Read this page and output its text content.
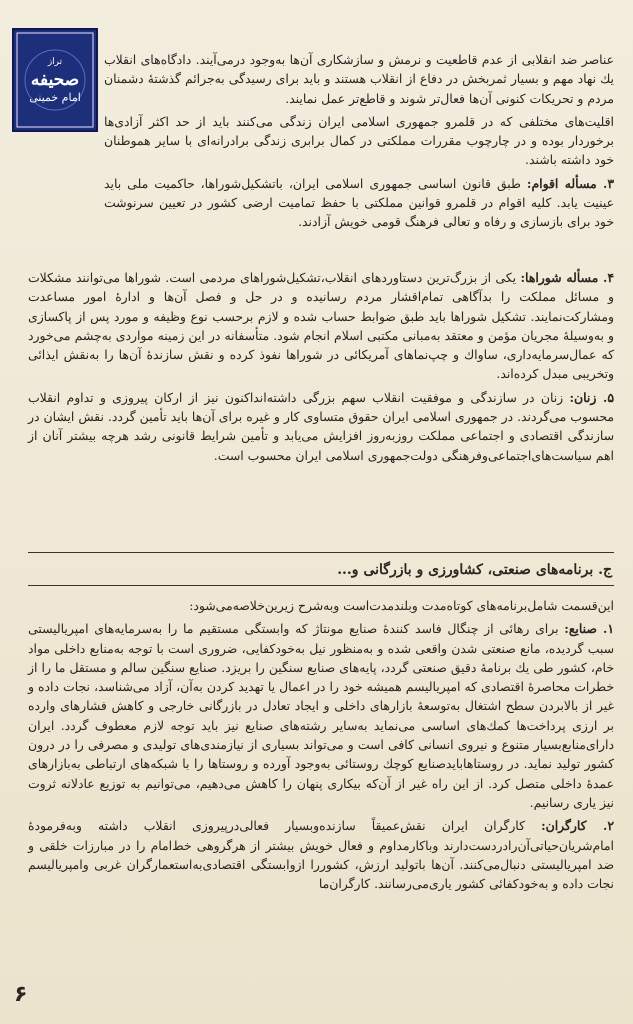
تراز
صحیفه
امام خمینی

عناصر ضد انقلابی از عدم قاطعیت و نرمش و سازشکاری آن‌ها به‌وجود درمی‌آیند. دادگاه‌های انقلاب یك نهاد مهم و بسیار ثمربخش در دفاع از انقلاب هستند و باید برای رسیدگی به‌جرائم گذشتهٔ دشمنان مردم و تحریکات کنونی آن‌ها فعال‌تر شوند و قاطع‌تر عمل نمایند.

اقلیت‌های مختلفی که در قلمرو جمهوری اسلامی ایران زندگی می‌کنند باید از حد اکثر آزادی‌ها برخوردار بوده و در چارچوب مقررات مملکتی در کمال برابری زندگی برادرانه‌ای با سایر هموطنان خود داشته باشند.

۳. مسأله اقوام: طبق قانون اساسی جمهوری اسلامی ایران، باتشکیل‌شوراها، حاکمیت ملی باید عینیت یابد. کلیه اقوام در قلمرو قوانین مملکتی با حفظ تمامیت ارضی کشور در تعیین سرنوشت خود برای بازسازی و رفاه و تعالی فرهنگ قومی خویش آزادند.

۴. مسأله شوراها: یکی از بزرگ‌ترین دستاوردهای انقلاب،تشکیل‌شوراهای مردمی است. شوراها می‌توانند مشکلات و مسائل مملکت را بدآگاهی تمام‌اقشار مردم رسانیده و در حل و فصل آن‌ها و ادارهٔ امور مساعدت ومشارکت‌نمایند. تشکیل شوراها باید طبق ضوابط حساب شده و لازم برحسب نوع وظیفه و مورد پس از پاکسازی و به‌وسیلهٔ مجریان مؤمن و معتقد به‌مبانی مکتبی اسلام انجام شود. متأسفانه در این زمینه مواردی به‌چشم می‌خورد که عمال‌سرمایه‌داری، ساواك و چپ‌نماهای آمریکائی در شوراها نفوذ کرده و نقش سازندهٔ آن‌ها را به‌نقش ایذائی وتخریبی مبدل کرده‌اند.

۵. زنان: زنان در سازندگی و موفقیت انقلاب سهم بزرگی داشته‌انداکنون نیز از ارکان پیروزی و تداوم انقلاب محسوب می‌گردند. در جمهوری اسلامی ایران حقوق متساوی کار و غیره برای آن‌ها باید تأمین گردد. نقش ایشان در سازندگی اقتصادی و اجتماعی مملکت روزبه‌روز افزایش می‌یابد و تأمین شرایط قانونی رشد هرچه بیشتر آنان از اهم سیاست‌های‌اجتماعی‌وفرهنگی دولت‌جمهوری اسلامی ایران محسوب است.

ج. برنامه‌های صنعتی، کشاورزی و بازرگانی و...

این‌قسمت شامل‌برنامه‌های کوتاه‌مدت وبلندمدت‌است وبه‌شرح زیرین‌خلاصه‌می‌شود:

۱. صنایع: برای رهائی از چنگال فاسد کنندهٔ صنایع مونتاژ که وابستگی مستقیم ما را به‌سرمایه‌های امپریالیستی سبب گردیده، مانع صنعتی شدن واقعی شده و به‌منظور نیل به‌خودکفایی، ضروری است با توجه به‌منابع داخلی مواد خام، کشور طی یك برنامهٔ دقیق صنعتی گردد، پایه‌های صنایع سنگین را بریزد. صنایع سنگین سالم و مستقل ما را از خطرات محاصرهٔ اقتصادی که امپریالیسم همیشه خود را در اعمال یا تهدید کردن به‌آن، آزاد می‌شناسد، نجات داده و غیر از بالابردن سطح اشتغال به‌توسعهٔ بازارهای داخلی و ایجاد تعادل در بازرگانی خارجی و کاهش فشارهای وارده بر ارزی پرداخت‌ها کمك‌های اساسی می‌نماید به‌سایر رشته‌های صنایع نیز باید توجه لازم معطوف گردد. ایران دارای‌منابع‌بسیار متنوع و نیروی انسانی کافی است و می‌تواند بسیاری از نیازمندی‌های تولیدی و مصرفی را در درون کشور تولید نماید. در روستاهابایدصنایع کوچك روستائی به‌وجود آورده و روستاها را با شبکه‌های ارتباطی به‌بازارهای عمدهٔ داخلی متصل کرد. از این راه غیر از آن‌که بیکاری پنهان را کاهش می‌دهیم، می‌توانیم به توزیع عادلانه ثروت نیز یاری رسانیم.

۲. کارگران: کارگران ایران نقش‌عمیقاً سازنده‌وبسیار فعالی‌درپیروزی انقلاب داشته وبه‌فرمودهٔ امام‌شریان‌حیاتی‌آن‌رادردست‌دارند وباکارمداوم و فعال خویش بیشتر از هرگروهی خط‌امام را در مبارزات خلقی و ضد امپریالیستی دنبال‌می‌کنند. آن‌ها باتولید ارزش، کشوررا ازوابستگی اقتصادی‌به‌استعمارگران غربی وامپریالیسم نجات داده و به‌خودکفائی کشور یاری‌می‌رسانند. کارگران‌ما

۶
